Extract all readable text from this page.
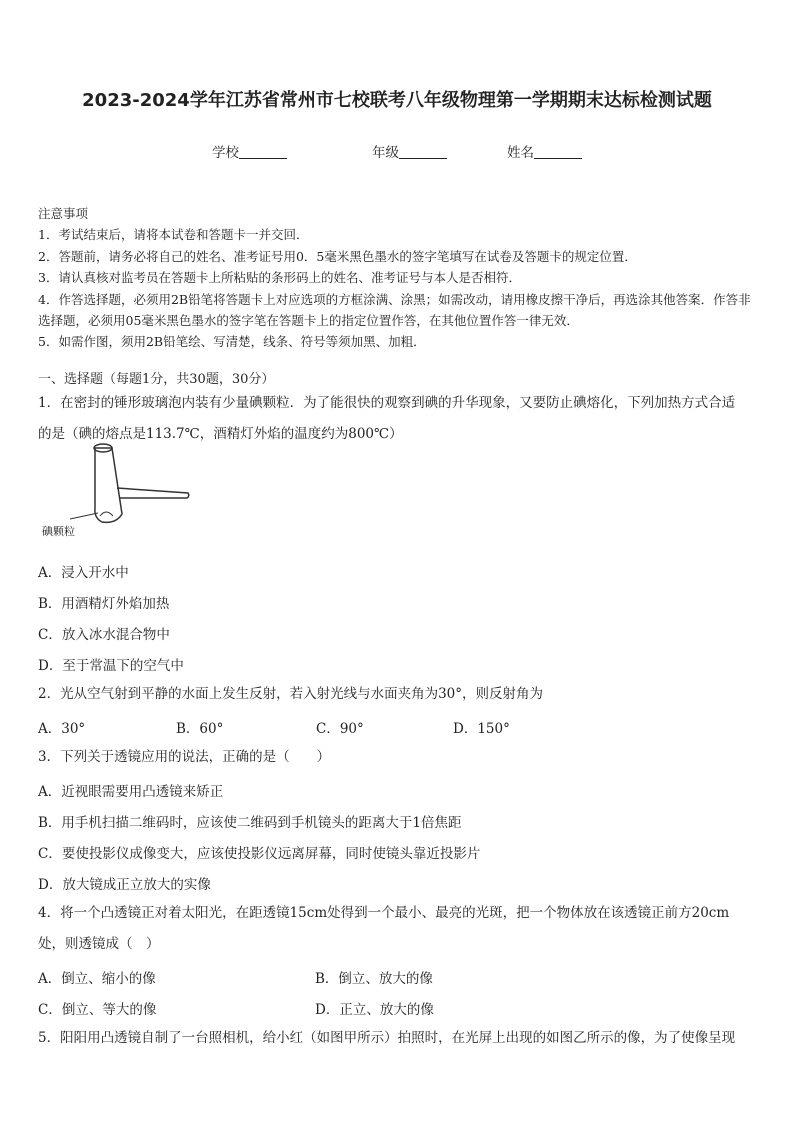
2023-2024学年江苏省常州市七校联考八年级物理第一学期期末达标检测试题
学校	年级	姓名
注意事项
1．考试结束后，请将本试卷和答题卡一并交回．
2．答题前，请务必将自己的姓名、准考证号用0．5毫米黑色墨水的签字笔填写在试卷及答题卡的规定位置．
3．请认真核对监考员在答题卡上所粘贴的条形码上的姓名、准考证号与本人是否相符．
4．作答选择题，必须用2B铅笔将答题卡上对应选项的方框涂满、涂黑；如需改动，请用橡皮擦干净后，再选涂其他答案．作答非选择题，必须用05毫米黑色墨水的签字笔在答题卡上的指定位置作答，在其他位置作答一律无效．
5．如需作图，须用2B铅笔绘、写清楚，线条、符号等须加黑、加粗．
一、选择题（每题1分，共30题，30分）
1．在密封的锤形玻璃泡内装有少量碘颗粒．为了能很快的观察到碘的升华现象，又要防止碘熔化，下列加热方式合适
的是（碘的熔点是113.7℃，酒精灯外焰的温度约为800℃）
碘颗粒
A．浸入开水中
B．用酒精灯外焰加热
C．放入冰水混合物中
D．至于常温下的空气中
2．光从空气射到平静的水面上发生反射，若入射光线与水面夹角为30°，则反射角为
A．30°	B．60°	C．90°	D．150°
3．下列关于透镜应用的说法，正确的是（　　）
A．近视眼需要用凸透镜来矫正
B．用手机扫描二维码时，应该使二维码到手机镜头的距离大于1倍焦距
C．要使投影仪成像变大，应该使投影仪远离屏幕，同时使镜头靠近投影片
D．放大镜成正立放大的实像
4．将一个凸透镜正对着太阳光，在距透镜15cm处得到一个最小、最亮的光斑，把一个物体放在该透镜正前方20cm
处，则透镜成（　）
A．倒立、缩小的像	B．倒立、放大的像
C．倒立、等大的像	D．正立、放大的像
5．阳阳用凸透镜自制了一台照相机，给小红（如图甲所示）拍照时，在光屏上出现的如图乙所示的像，为了使像呈现
